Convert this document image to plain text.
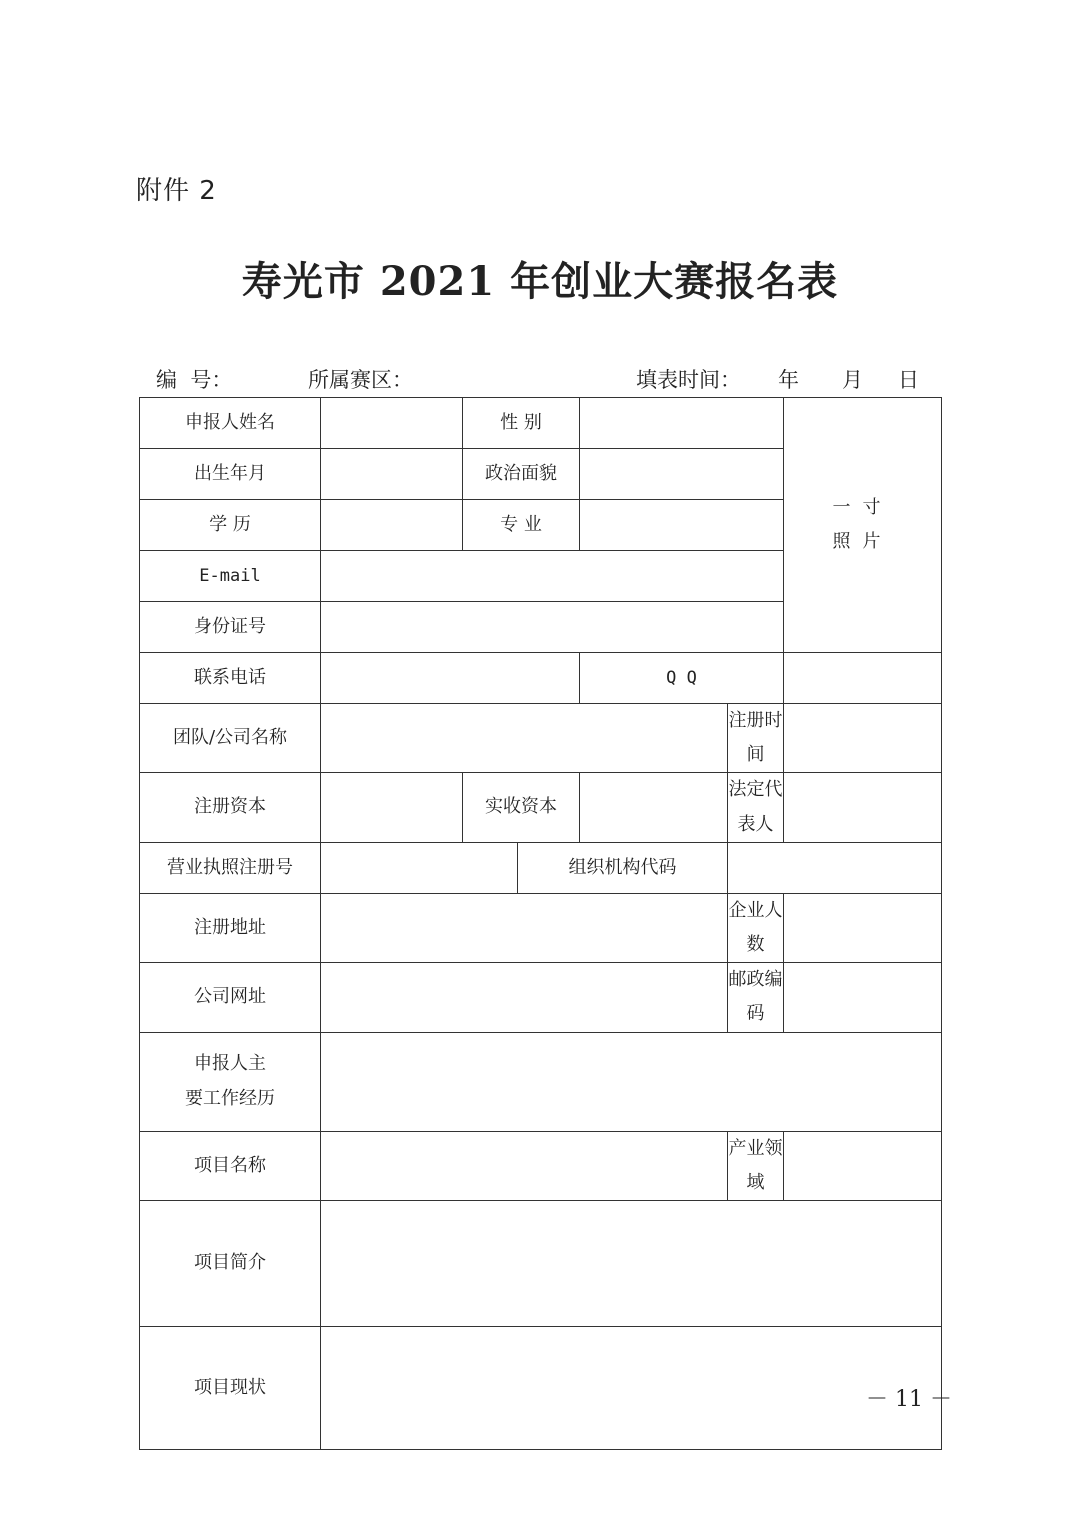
附件 2
寿光市 2021 年创业大赛报名表
编  号：	所属赛区：	填表时间： 年 月 日
申报人姓名		性 别				一寸
照片

出生年月		政治面貌				
学 历		专 业				
E-mail						
身份证号						
联系电话				Q Q		
团队/公司名称					注册时间	
注册资本		实收资本			法定代表人	
营业执照注册号			组织机构代码			
注册地址					企业人数	
公司网址					邮政编码	

申报人主
要工作经历						

项目名称					产业领域	
项目简介						
项目现状							－ 11 －
